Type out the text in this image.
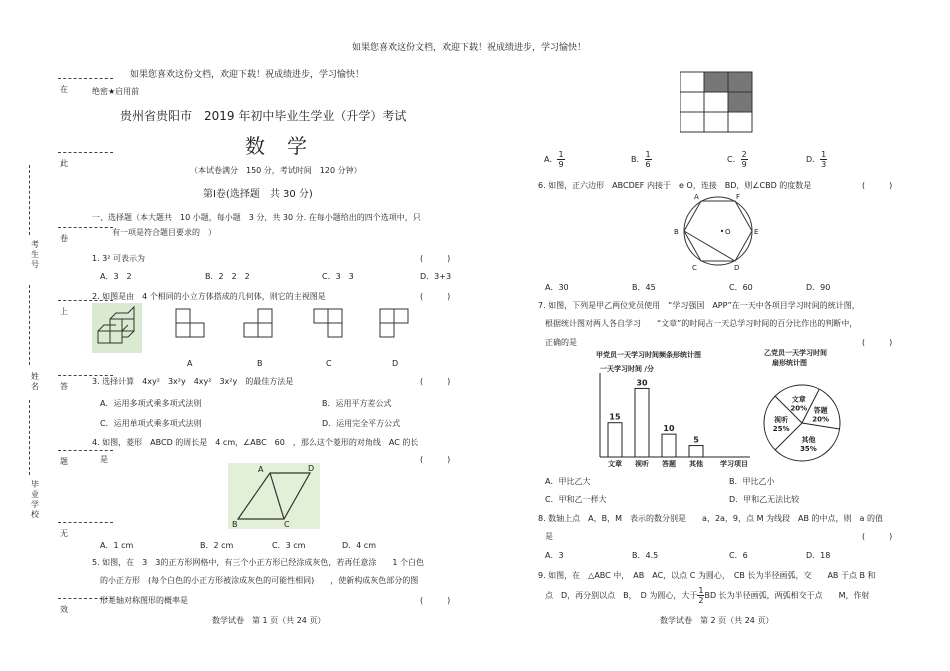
如果您喜欢这份文档，欢迎下载！祝成绩进步，学习愉快！
如果您喜欢这份文档，欢迎下载！祝成绩进步，学习愉快！
在
此
卷
上
答
题
无
效
考生号
姓名
毕业学校
绝密★启用前
贵州省贵阳市　2019 年初中毕业生学业（升学）考试
数学
（本试卷满分　150 分，考试时间　120 分钟）
第Ⅰ卷(选择题　共 30 分)
一、选择题（本大题共　10 小题，每小题　3 分，共 30 分. 在每小题给出的四个选项中，只
有一项是符合题目要求的　）
1. 3² 可表示为	(　　　)
A．3　2	B．2　2　2	C．3　3	D．3+3
2. 如图是由　4 个相同的小立方体搭成的几何体，则它的主视图是	(　　　)
A	B	C	D
3. 选择计算　4xy²　3x²y　4xy²　3x²y　的最佳方法是	(　　　)
A．运用多项式乘多项式法则	B．运用平方差公式
C．运用单项式乘多项式法则	D．运用完全平方公式
4. 如图，菱形　ABCD 的周长是　4 cm，∠ABC　60　，那么这个菱形的对角线　AC 的长
是	(　　　)
A	D
B	C
A．1 cm	B．2 cm	C．3 cm	D．4 cm
5. 如图，在　3　3的正方形网格中，有三个小正方形已经涂成灰色，若再任意涂　　1 个白色
的小正方形　(每个白色的小正方形被涂成灰色的可能性相同)　　，使新构成灰色部分的图
形是轴对称图形的概率是	(　　　)
数学试卷　第 1 页（共 24 页）
A． $\frac{1}{9}$	B． $\frac{1}{6}$	C． $\frac{2}{9}$	D． $\frac{1}{3}$
6. 如图，正六边形　ABCDEF 内接于　e O，连接　BD，则∠CBD 的度数是	(　　　)
A	F
E
B
C	D
O
A．30	B．45	C．60	D．90
7. 如图，下列是甲乙两位党员使用　“学习强国　APP”在一天中各项目学习时间的统计图，
根据统计图对两人各自学习　　“文章”的时间占一天总学习时间的百分比作出的判断中，
正确的是	(　　　)
甲党员一天学习时间频条形统计图
一天学习时间 /分
学习项目
15
文章
30
视听
10
答题
5
其他
乙党员一天学习时间
扇形统计图
文章
20% 答题
20%
其他
35%
视听
25%
A．甲比乙大	B．甲比乙小
C．甲和乙一样大	D．甲和乙无法比较
8. 数轴上点　A，B，M　表示的数分别是　　a，2a，9，点 M 为线段　AB 的中点，则　a 的值
是	(　　　)
A．3	B．4.5	C．6	D．18
9. 如图，在　△ABC 中，　AB　AC，以点 C 为圆心，　CB 长为半径画弧，交　　AB 于点 B 和
点　D，再分别以点　B，　D 为圆心，大于 $\frac{1}{2}$ BD 长为半径画弧，两弧相交于点　　M，作射
数学试卷　第 2 页（共 24 页）
